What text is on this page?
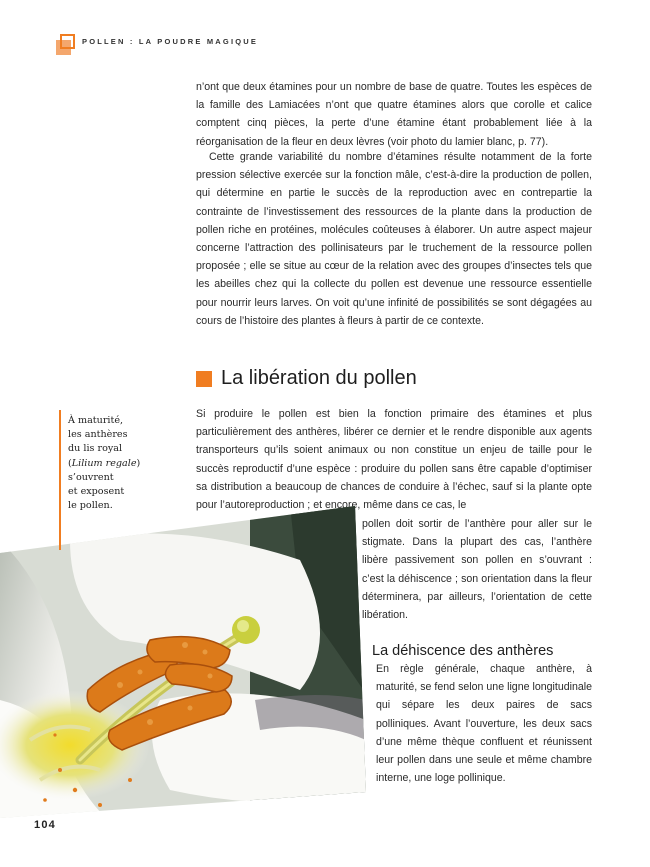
POLLEN : LA POUDRE MAGIQUE

n’ont que deux étamines pour un nombre de base de quatre. Toutes les espèces de la famille des Lamiacées n’ont que quatre étamines alors que corolle et calice comptent cinq pièces, la perte d’une étamine étant probablement liée à la réorganisation de la fleur en deux lèvres (voir photo du lamier blanc, p. 77).

Cette grande variabilité du nombre d’étamines résulte notamment de la forte pression sélective exercée sur la fonction mâle, c’est-à-dire la production de pollen, qui détermine en partie le succès de la reproduction avec en contrepartie la contrainte de l’investissement des ressources de la plante dans la production de pollen riche en protéines, molécules coûteuses à élaborer. Un autre aspect majeur concerne l’attraction des pollinisateurs par le truchement de la ressource pollen proposée ; elle se situe au cœur de la relation avec des groupes d’insectes tels que les abeilles chez qui la collecte du pollen est devenue une ressource essentielle pour nourrir leurs larves. On voit qu’une infinité de possibilités se sont dégagées au cours de l’histoire des plantes à fleurs à partir de ce contexte.

La libération du pollen

Si produire le pollen est bien la fonction primaire des étamines et plus particulièrement des anthères, libérer ce dernier et le rendre disponible aux agents transporteurs qu’ils soient animaux ou non constitue un enjeu de taille pour le succès reproductif d’une espèce : produire du pollen sans être capable d’optimiser sa distribution a beaucoup de chances de conduire à l’échec, sauf si la plante opte pour l’autoreproduction ; et encore, même dans ce cas, le

À maturité,
les anthères
du lis royal
(Lilium regale)
s’ouvrent
et exposent
le pollen.

pollen doit sortir de l’anthère pour aller sur le stigmate. Dans la plupart des cas, l’anthère libère passivement son pollen en s’ouvrant : c’est la déhiscence ; son orientation dans la fleur déterminera, par ailleurs, l’orientation de cette libération.

La déhiscence des anthères

En règle générale, chaque anthère, à maturité, se fend selon une ligne longitudinale qui sépare les deux paires de sacs polliniques. Avant l’ouverture, les deux sacs d’une même thèque confluent et réunissent leur pollen dans une seule et même chambre interne, une loge pollinique.

104
